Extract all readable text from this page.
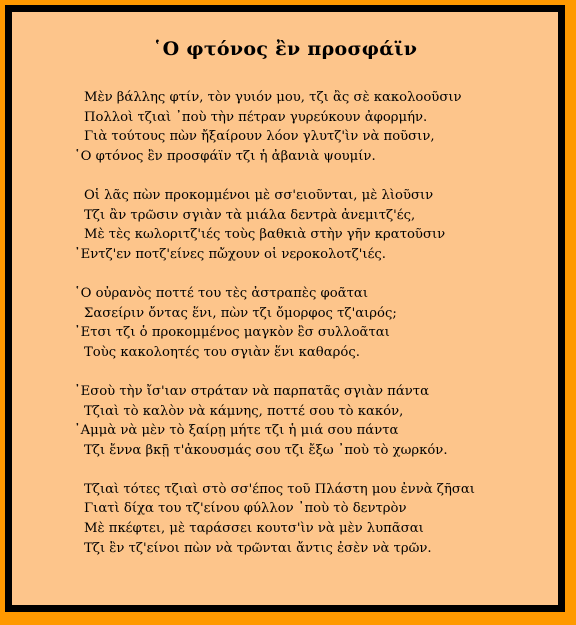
῾Ο φτόνος ἒν προσφάϊν
Μὲν βάλλης φτίν, τὸν γυιόν μου, τζι ἂς σὲ κακολοοῦσιν
Πολλοὶ τζιαὶ ᾽ποὺ τὴν πέτραν γυρεύκουν ἀφορμήν.
Γιὰ τούτους πὼν ἤξαίρουν λόον γλυτζ'ὶν νὰ ποῦσιν,
῾Ο φτόνος ἒν προσφάϊν τζι ἡ ἀβανιὰ ψουμίν.
Οἱ λᾶς πὼν προκομμένοι μὲ σσ'ειοῦνται, μὲ λὶοῦσιν
Τζι ἂν τρῶσιν σγιὰν τὰ μιάλα δεντρὰ ἀνεμιτζ'ές,
Μὲ τὲς κωλοριτζ'ιές τοὺς βαθκιὰ στὴν γῆν κρατοῦσιν
᾽Εντζ'εν ποτζ'είνες πὤχουν οἱ νεροκολοτζ'ιές.
῾Ο οὐρανὸς ποττέ του τὲς ἀστραπὲς φοᾶται
Σασείριν ὄντας ἕνι, πὼν τζι ὄμορφος τζ'αιρός;
᾽Ετσι τζι ὁ προκομμένος μαγκὸν ἒσ συλλοᾶται
Τοὺς κακολοητές του σγιὰν ἕνι καθαρός.
᾽Εσοὺ τὴν ἴσ'ιαν στράταν νὰ παρπατᾶς σγιὰν πάντα
Τζιαὶ τὸ καλὸν νὰ κάμνης, ποττέ σου τὸ κακόν,
᾽Αμμὰ νὰ μὲν τὸ ξαίρῃ μήτε τζι ἡ μιά σου πάντα
Τζι ἔννα βκῇ τ'ἀκουσμάς σου τζι ἔξω ᾽ποὺ τὸ χωρκόν.
Τζιαὶ τότες τζιαὶ στὸ σσ'έπος τοῦ Πλάστη μου ἐννὰ ζῆσαι
Γιατὶ δίχα του τζ'είνου φύλλον ᾽ποὺ τὸ δεντρὸν
Μὲ πκέφτει, μὲ ταράσσει κουτσ'ὶν νὰ μὲν λυπᾶσαι
Τζι ἒν τζ'είνοι πὼν νὰ τρῶνται ἄντις ἐσὲν νὰ τρῶν.
